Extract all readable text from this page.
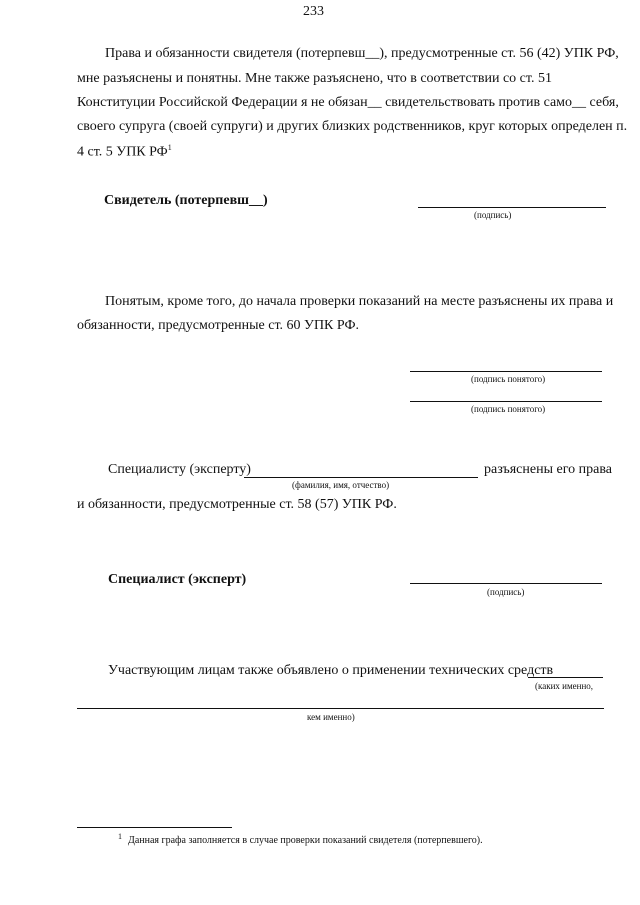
233
Права и обязанности свидетеля (потерпевш__), предусмотренные ст. 56 (42) УПК РФ,
мне разъяснены и понятны. Мне также разъяснено, что в соответствии со ст. 51
Конституции Российской Федерации я не обязан__ свидетельствовать против само__ себя,
своего супруга (своей супруги) и других близких родственников, круг которых определен п.
4 ст. 5 УПК $РФ^1$
Свидетель (потерпевш__)
(подпись)
Понятым, кроме того, до начала проверки показаний на месте разъяснены их права и
обязанности, предусмотренные ст. 60 УПК РФ.
(подпись понятого)
(подпись понятого)
Специалисту (эксперту)	разъяснены его права
(фамилия, имя, отчество)
и обязанности, предусмотренные ст. 58 (57) УПК РФ.
Специалист (эксперт)
(подпись)
Участвующим лицам также объявлено о применении технических средств
(каких именно,
кем именно)
1 Данная графа заполняется в случае проверки показаний свидетеля (потерпевшего).
